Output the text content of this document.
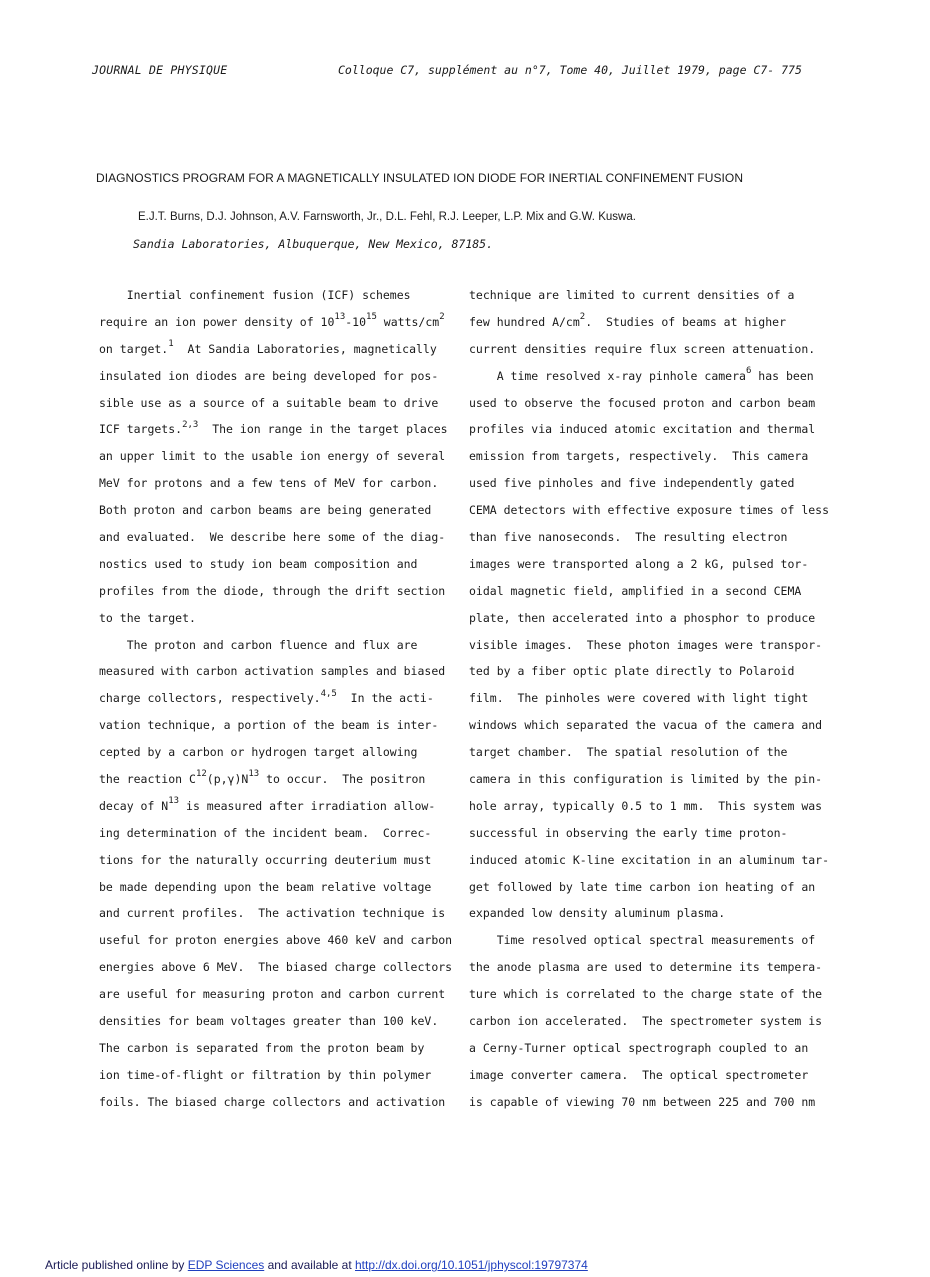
JOURNAL DE PHYSIQUE	Colloque C7, supplément au n°7, Tome 40, Juillet 1979, page C7- 775
DIAGNOSTICS PROGRAM FOR A MAGNETICALLY INSULATED ION DIODE FOR INERTIAL CONFINEMENT FUSION
E.J.T. Burns, D.J. Johnson, A.V. Farnsworth, Jr., D.L. Fehl, R.J. Leeper, L.P. Mix and G.W. Kuswa.
Sandia Laboratories, Albuquerque, New Mexico, 87185.
Inertial confinement fusion (ICF) schemes
require an ion power density of $10^{13}-10^{15}$ watts/$cm^2$
on target.$^1$  At Sandia Laboratories, magnetically
insulated ion diodes are being developed for pos-
sible use as a source of a suitable beam to drive
ICF targets.$^{2,3}$  The ion range in the target places
an upper limit to the usable ion energy of several
MeV for protons and a few tens of MeV for carbon.
Both proton and carbon beams are being generated
and evaluated.  We describe here some of the diag-
nostics used to study ion beam composition and
profiles from the diode, through the drift section
to the target.
The proton and carbon fluence and flux are
measured with carbon activation samples and biased
charge collectors, respectively.$^{4,5}$  In the acti-
vation technique, a portion of the beam is inter-
cepted by a carbon or hydrogen target allowing
the reaction $C^{12}(p,\gamma)N^{13}$ to occur.  The positron
decay of $N^{13}$ is measured after irradiation allow-
ing determination of the incident beam.  Correc-
tions for the naturally occurring deuterium must
be made depending upon the beam relative voltage
and current profiles.  The activation technique is
useful for proton energies above 460 keV and carbon
energies above 6 MeV.  The biased charge collectors
are useful for measuring proton and carbon current
densities for beam voltages greater than 100 keV.
The carbon is separated from the proton beam by
ion time-of-flight or filtration by thin polymer
foils. The biased charge collectors and activation
technique are limited to current densities of a
few hundred $A/cm^2$.  Studies of beams at higher
current densities require flux screen attenuation.
A time resolved x-ray pinhole camera$^6$ has been
used to observe the focused proton and carbon beam
profiles via induced atomic excitation and thermal
emission from targets, respectively.  This camera
used five pinholes and five independently gated
CEMA detectors with effective exposure times of less
than five nanoseconds.  The resulting electron
images were transported along a 2 kG, pulsed tor-
oidal magnetic field, amplified in a second CEMA
plate, then accelerated into a phosphor to produce
visible images.  These photon images were transpor-
ted by a fiber optic plate directly to Polaroid
film.  The pinholes were covered with light tight
windows which separated the vacua of the camera and
target chamber.  The spatial resolution of the
camera in this configuration is limited by the pin-
hole array, typically 0.5 to 1 mm.  This system was
successful in observing the early time proton-
induced atomic K-line excitation in an aluminum tar-
get followed by late time carbon ion heating of an
expanded low density aluminum plasma.
Time resolved optical spectral measurements of
the anode plasma are used to determine its tempera-
ture which is correlated to the charge state of the
carbon ion accelerated.  The spectrometer system is
a Cerny-Turner optical spectrograph coupled to an
image converter camera.  The optical spectrometer
is capable of viewing 70 nm between 225 and 700 nm
Article published online by EDP Sciences and available at http://dx.doi.org/10.1051/jphyscol:19797374
